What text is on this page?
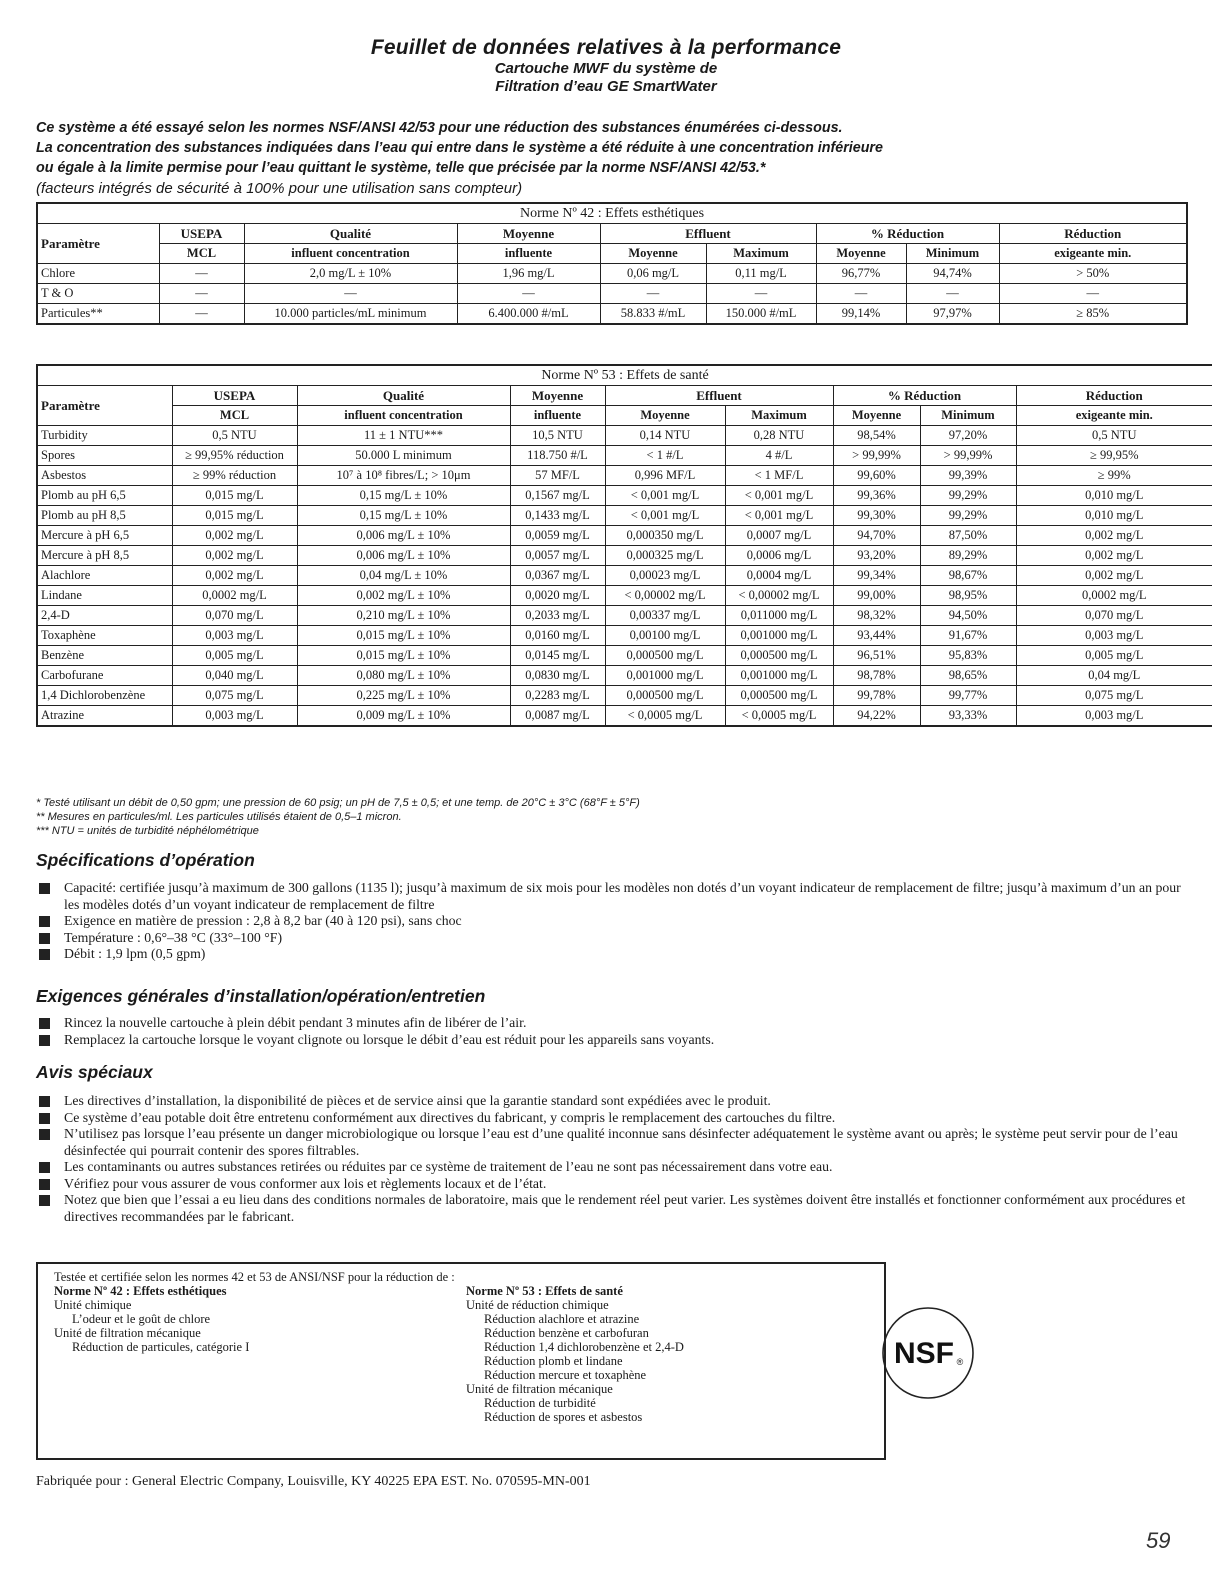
Feuillet de données relatives à la performance
Cartouche MWF du système de
Filtration d’eau GE SmartWater
Ce système a été essayé selon les normes NSF/ANSI 42/53 pour une réduction des substances énumérées ci-dessous.
La concentration des substances indiquées dans l’eau qui entre dans le système a été réduite à une concentration inférieure
ou égale à la limite permise pour l’eau quittant le système, telle que précisée par la norme NSF/ANSI 42/53.*
(facteurs intégrés de sécurité à 100% pour une utilisation sans compteur)
Norme Nº 42 : Effets esthétiques								
Paramètre	USEPA	Qualité	Moyenne	Effluent		% Réduction		Réduction
	MCL	influent concentration	influente	Moyenne	Maximum	Moyenne	Minimum	exigeante min.
Chlore	—	2,0 mg/L ± 10%	1,96 mg/L	0,06 mg/L	0,11 mg/L	96,77%	94,74%	> 50%
T & O	—	—	—	—	—	—	—	—
Particules**	—	10.000 particles/mL minimum	6.400.000 #/mL	58.833 #/mL	150.000 #/mL	99,14%	97,97%	≥ 85%
Norme Nº 53 : Effets de santé								
Paramètre	USEPA	Qualité	Moyenne	Effluent		% Réduction		Réduction
	MCL	influent concentration	influente	Moyenne	Maximum	Moyenne	Minimum	exigeante min.
Turbidity	0,5 NTU	11 ± 1 NTU***	10,5 NTU	0,14 NTU	0,28 NTU	98,54%	97,20%	0,5 NTU
Spores	≥ 99,95% réduction	50.000 L minimum	118.750 #/L	< 1 #/L	4 #/L	> 99,99%	> 99,99%	≥ 99,95%
Asbestos	≥ 99% réduction	10⁷ à 10⁸ fibres/L; > 10μm	57 MF/L	0,996 MF/L	< 1 MF/L	99,60%	99,39%	≥ 99%
Plomb au pH 6,5	0,015 mg/L	0,15 mg/L ± 10%	0,1567 mg/L	< 0,001 mg/L	< 0,001 mg/L	99,36%	99,29%	0,010 mg/L
Plomb au pH 8,5	0,015 mg/L	0,15 mg/L ± 10%	0,1433 mg/L	< 0,001 mg/L	< 0,001 mg/L	99,30%	99,29%	0,010 mg/L
Mercure à pH 6,5	0,002 mg/L	0,006 mg/L ± 10%	0,0059 mg/L	0,000350 mg/L	0,0007 mg/L	94,70%	87,50%	0,002 mg/L
Mercure à pH 8,5	0,002 mg/L	0,006 mg/L ± 10%	0,0057 mg/L	0,000325 mg/L	0,0006 mg/L	93,20%	89,29%	0,002 mg/L
Alachlore	0,002 mg/L	0,04 mg/L ± 10%	0,0367 mg/L	0,00023 mg/L	0,0004 mg/L	99,34%	98,67%	0,002 mg/L
Lindane	0,0002 mg/L	0,002 mg/L ± 10%	0,0020 mg/L	< 0,00002 mg/L	< 0,00002 mg/L	99,00%	98,95%	0,0002 mg/L
2,4-D	0,070 mg/L	0,210 mg/L ± 10%	0,2033 mg/L	0,00337 mg/L	0,011000 mg/L	98,32%	94,50%	0,070 mg/L
Toxaphène	0,003 mg/L	0,015 mg/L ± 10%	0,0160 mg/L	0,00100 mg/L	0,001000 mg/L	93,44%	91,67%	0,003 mg/L
Benzène	0,005 mg/L	0,015 mg/L ± 10%	0,0145 mg/L	0,000500 mg/L	0,000500 mg/L	96,51%	95,83%	0,005 mg/L
Carbofurane	0,040 mg/L	0,080 mg/L ± 10%	0,0830 mg/L	0,001000 mg/L	0,001000 mg/L	98,78%	98,65%	0,04 mg/L
1,4 Dichlorobenzène	0,075 mg/L	0,225 mg/L ± 10%	0,2283 mg/L	0,000500 mg/L	0,000500 mg/L	99,78%	99,77%	0,075 mg/L
Atrazine	0,003 mg/L	0,009 mg/L ± 10%	0,0087 mg/L	< 0,0005 mg/L	< 0,0005 mg/L	94,22%	93,33%	0,003 mg/L
* Testé utilisant un débit de 0,50 gpm; une pression de 60 psig; un pH de 7,5 ± 0,5; et une temp. de 20°C ± 3°C (68°F ± 5°F)
** Mesures en particules/ml. Les particules utilisés étaient de 0,5–1 micron.
*** NTU = unités de turbidité néphélométrique
Spécifications d’opération
Capacité: certifiée jusqu’à maximum de 300 gallons (1135 l); jusqu’à maximum de six mois pour les modèles non dotés d’un voyant indicateur de remplacement de filtre; jusqu’à maximum d’un an pour les modèles dotés d’un voyant indicateur de remplacement de filtre
Exigence en matière de pression : 2,8 à 8,2 bar (40 à 120 psi), sans choc
Température : 0,6°–38 °C (33°–100 °F)
Débit : 1,9 lpm (0,5 gpm)
Exigences générales d’installation/opération/entretien
Rincez la nouvelle cartouche à plein débit pendant 3 minutes afin de libérer de l’air.
Remplacez la cartouche lorsque le voyant clignote ou lorsque le débit d’eau est réduit pour les appareils sans voyants.
Avis spéciaux
Les directives d’installation, la disponibilité de pièces et de service ainsi que la garantie standard sont expédiées avec le produit.
Ce système d’eau potable doit être entretenu conformément aux directives du fabricant, y compris le remplacement des cartouches du filtre.
N’utilisez pas lorsque l’eau présente un danger microbiologique ou lorsque l’eau est d’une qualité inconnue sans désinfecter adéquatement le système avant ou après; le système peut servir pour de l’eau désinfectée qui pourrait contenir des spores filtrables.
Les contaminants ou autres substances retirées ou réduites par ce système de traitement de l’eau ne sont pas nécessairement dans votre eau.
Vérifiez pour vous assurer de vous conformer aux lois et règlements locaux et de l’état.
Notez que bien que l’essai a eu lieu dans des conditions normales de laboratoire, mais que le rendement réel peut varier. Les systèmes doivent être installés et fonctionner conformément aux procédures et directives recommandées par le fabricant.
Testée et certifiée selon les normes 42 et 53 de ANSI/NSF pour la réduction de :
Norme Nº 42 : Effets esthétiques
Unité chimique
L’odeur et le goût de chlore
Unité de filtration mécanique
Réduction de particules, catégorie I
Norme Nº 53 : Effets de santé
Unité de réduction chimique
Réduction alachlore et atrazine
Réduction benzène et carbofuran
Réduction 1,4 dichlorobenzène et 2,4-D
Réduction plomb et lindane
Réduction mercure et toxaphène
Unité de filtration mécanique
Réduction de turbidité
Réduction de spores et asbestos
NSF ®
Fabriquée pour : General Electric Company, Louisville, KY 40225 EPA EST. No. 070595-MN-001
59
